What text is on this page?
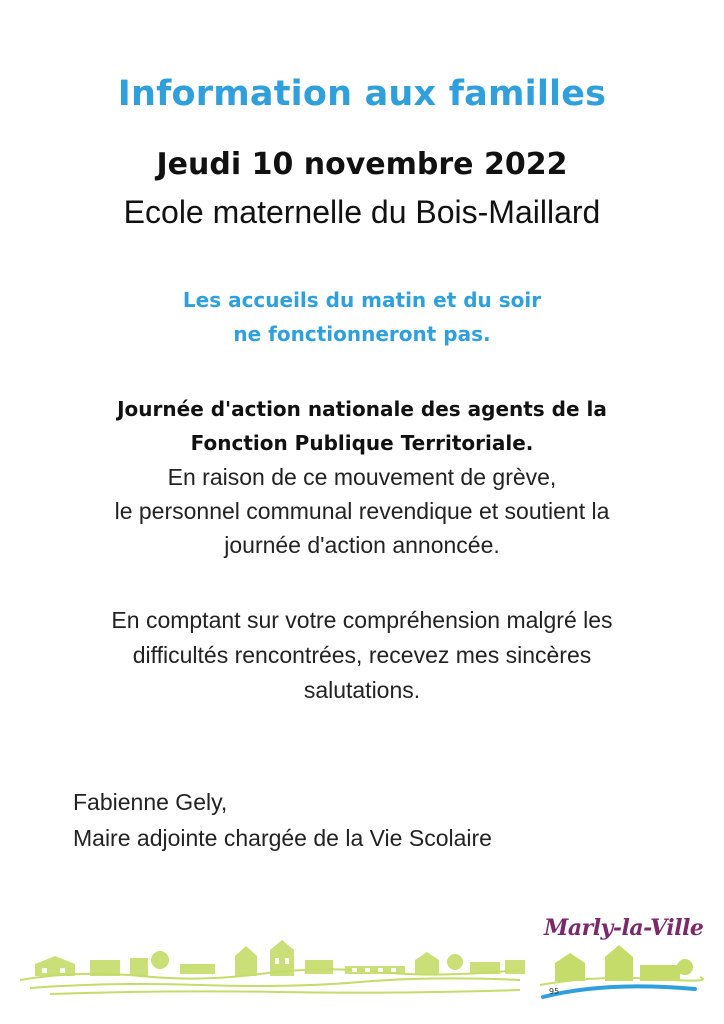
Information aux familles
Jeudi 10 novembre 2022
Ecole maternelle du Bois-Maillard
Les accueils du matin et du soir
ne fonctionneront pas.
Journée d'action nationale des agents de la
Fonction Publique Territoriale.
En raison de ce mouvement de grève,
le personnel communal revendique et soutient la
journée d'action annoncée.
En comptant sur votre compréhension malgré les
difficultés rencontrées, recevez mes sincères
salutations.
Fabienne Gely,
Maire adjointe chargée de la Vie Scolaire
Marly-la-Ville
95
